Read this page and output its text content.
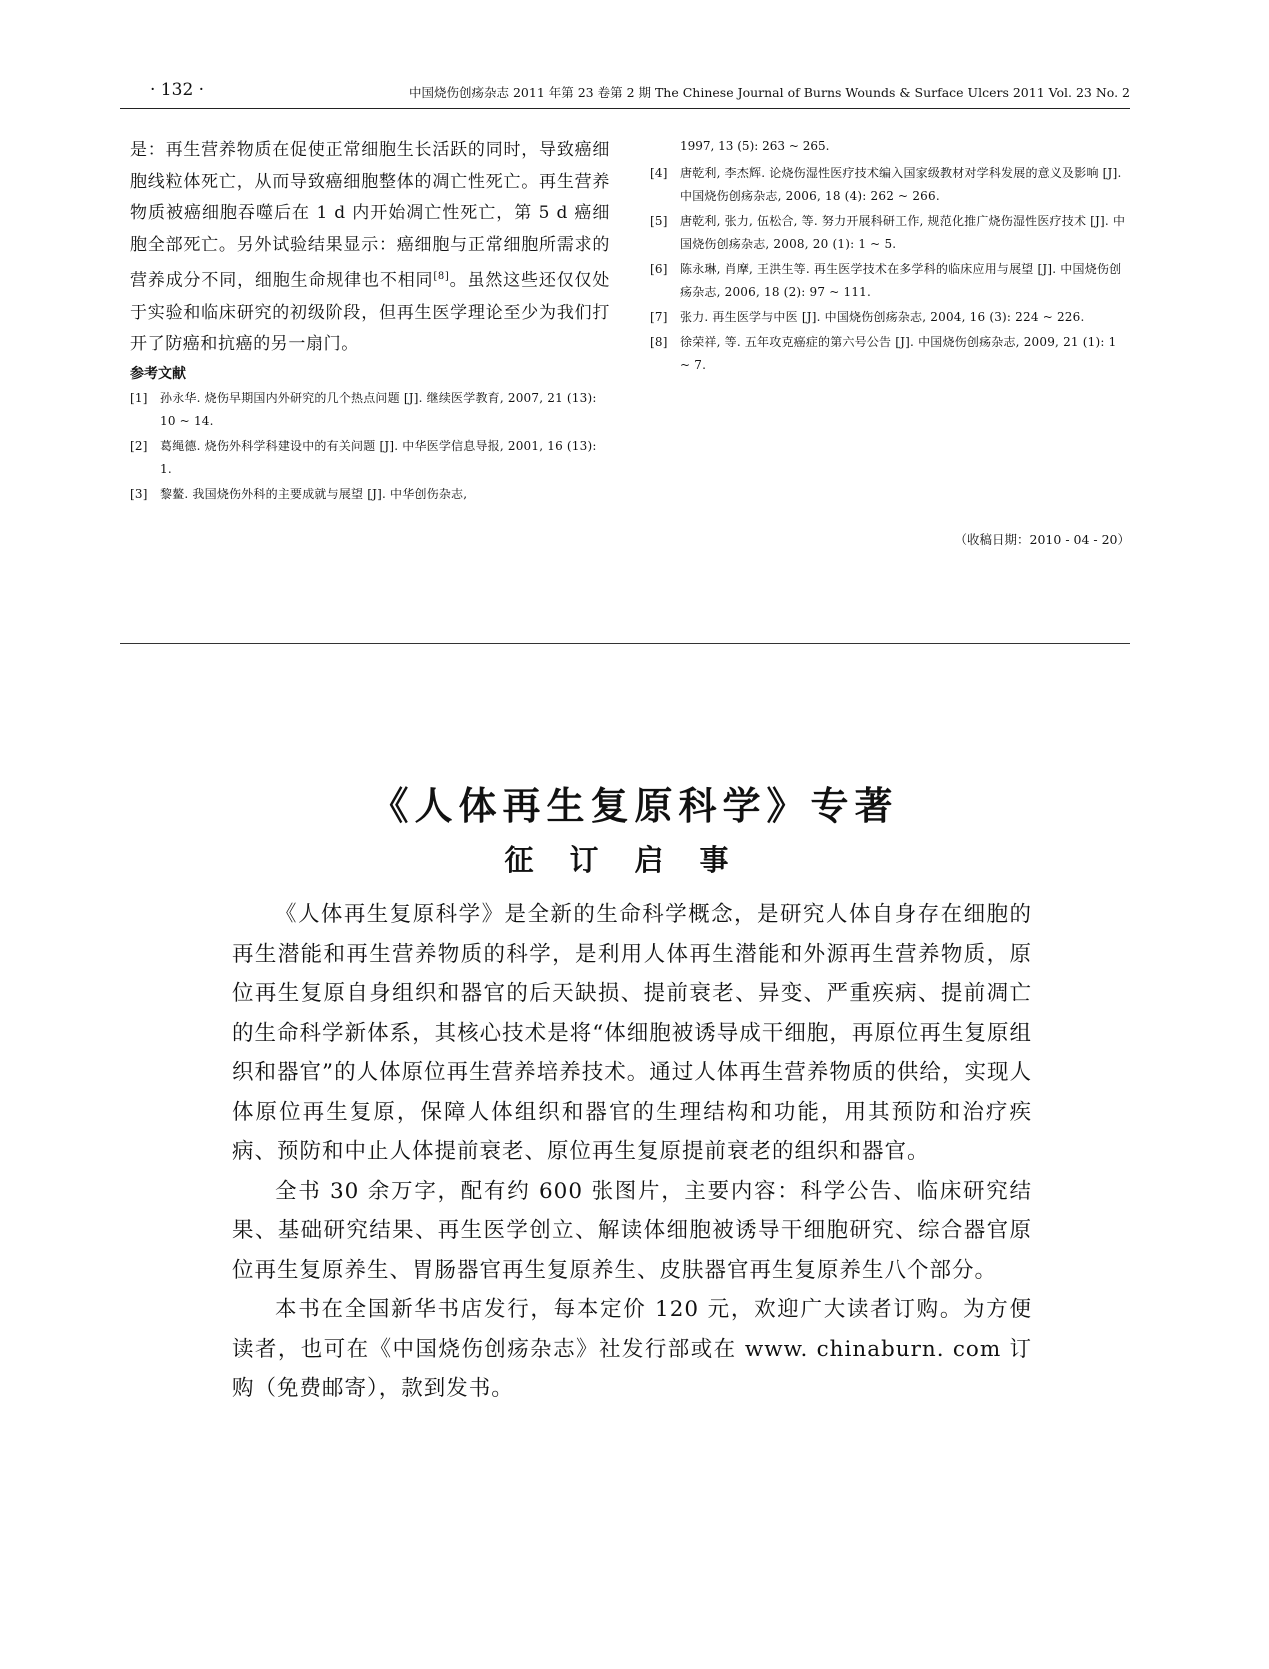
· 132 ·	中国烧伤创疡杂志 2011 年第 23 卷第 2 期 The Chinese Journal of Burns Wounds & Surface Ulcers 2011 Vol. 23 No. 2

是：再生营养物质在促使正常细胞生长活跃的同时，导致癌细胞线粒体死亡，从而导致癌细胞整体的凋亡性死亡。再生营养物质被癌细胞吞噬后在 1 d 内开始凋亡性死亡，第 5 d 癌细胞全部死亡。另外试验结果显示：癌细胞与正常细胞所需求的营养成分不同，细胞生命规律也不相同[8]。虽然这些还仅仅处于实验和临床研究的初级阶段，但再生医学理论至少为我们打开了防癌和抗癌的另一扇门。

参考文献
[1] 孙永华. 烧伤早期国内外研究的几个热点问题 [J]. 继续医学教育, 2007, 21 (13): 10 ~ 14.
[2] 葛绳德. 烧伤外科学科建设中的有关问题 [J]. 中华医学信息导报, 2001, 16 (13): 1.
[3] 黎鳌. 我国烧伤外科的主要成就与展望 [J]. 中华创伤杂志,
1997, 13 (5): 263 ~ 265.
[4] 唐乾利, 李杰辉. 论烧伤湿性医疗技术编入国家级教材对学科发展的意义及影响 [J]. 中国烧伤创疡杂志, 2006, 18 (4): 262 ~ 266.
[5] 唐乾利, 张力, 伍松合, 等. 努力开展科研工作, 规范化推广烧伤湿性医疗技术 [J]. 中国烧伤创疡杂志, 2008, 20 (1): 1 ~ 5.
[6] 陈永琳, 肖摩, 王洪生等. 再生医学技术在多学科的临床应用与展望 [J]. 中国烧伤创疡杂志, 2006, 18 (2): 97 ~ 111.
[7] 张力. 再生医学与中医 [J]. 中国烧伤创疡杂志, 2004, 16 (3): 224 ~ 226.
[8] 徐荣祥, 等. 五年攻克癌症的第六号公告 [J]. 中国烧伤创疡杂志, 2009, 21 (1): 1 ~ 7.
（收稿日期：2010 - 04 - 20）
《人体再生复原科学》专著
征订启事

《人体再生复原科学》是全新的生命科学概念，是研究人体自身存在细胞的再生潜能和再生营养物质的科学，是利用人体再生潜能和外源再生营养物质，原位再生复原自身组织和器官的后天缺损、提前衰老、异变、严重疾病、提前凋亡的生命科学新体系，其核心技术是将“体细胞被诱导成干细胞，再原位再生复原组织和器官”的人体原位再生营养培养技术。通过人体再生营养物质的供给，实现人体原位再生复原，保障人体组织和器官的生理结构和功能，用其预防和治疗疾病、预防和中止人体提前衰老、原位再生复原提前衰老的组织和器官。

全书 30 余万字，配有约 600 张图片，主要内容：科学公告、临床研究结果、基础研究结果、再生医学创立、解读体细胞被诱导干细胞研究、综合器官原位再生复原养生、胃肠器官再生复原养生、皮肤器官再生复原养生八个部分。

本书在全国新华书店发行，每本定价 120 元，欢迎广大读者订购。为方便读者，也可在《中国烧伤创疡杂志》社发行部或在 www. chinaburn. com 订购（免费邮寄），款到发书。
